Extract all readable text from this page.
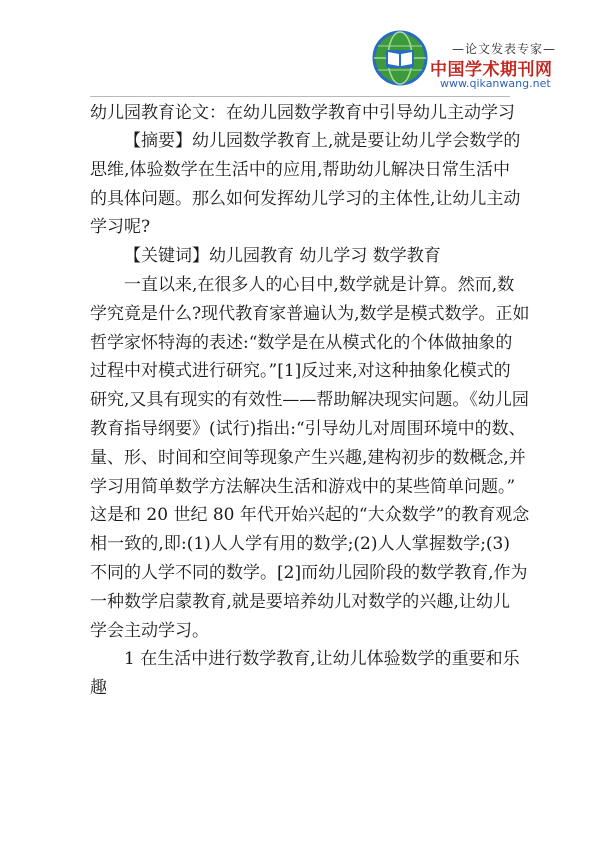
—论文发表专家—
中国学术期刊网
www.qikanwang.net
幼儿园教育论文：在幼儿园数学教育中引导幼儿主动学习
【摘要】幼儿园数学教育上,就是要让幼儿学会数学的
思维,体验数学在生活中的应用,帮助幼儿解决日常生活中
的具体问题。那么如何发挥幼儿学习的主体性,让幼儿主动
学习呢?
【关键词】幼儿园教育 幼儿学习 数学教育
一直以来,在很多人的心目中,数学就是计算。然而,数
学究竟是什么?现代教育家普遍认为,数学是模式数学。正如
哲学家怀特海的表述:“数学是在从模式化的个体做抽象的
过程中对模式进行研究。”[1]反过来,对这种抽象化模式的
研究,又具有现实的有效性——帮助解决现实问题。《幼儿园
教育指导纲要》(试行)指出:“引导幼儿对周围环境中的数、
量、形、时间和空间等现象产生兴趣,建构初步的数概念,并
学习用简单数学方法解决生活和游戏中的某些简单问题。”
这是和 20 世纪 80 年代开始兴起的“大众数学”的教育观念
相一致的,即:(1)人人学有用的数学;(2)人人掌握数学;(3)
不同的人学不同的数学。[2]而幼儿园阶段的数学教育,作为
一种数学启蒙教育,就是要培养幼儿对数学的兴趣,让幼儿
学会主动学习。
1 在生活中进行数学教育,让幼儿体验数学的重要和乐
趣
